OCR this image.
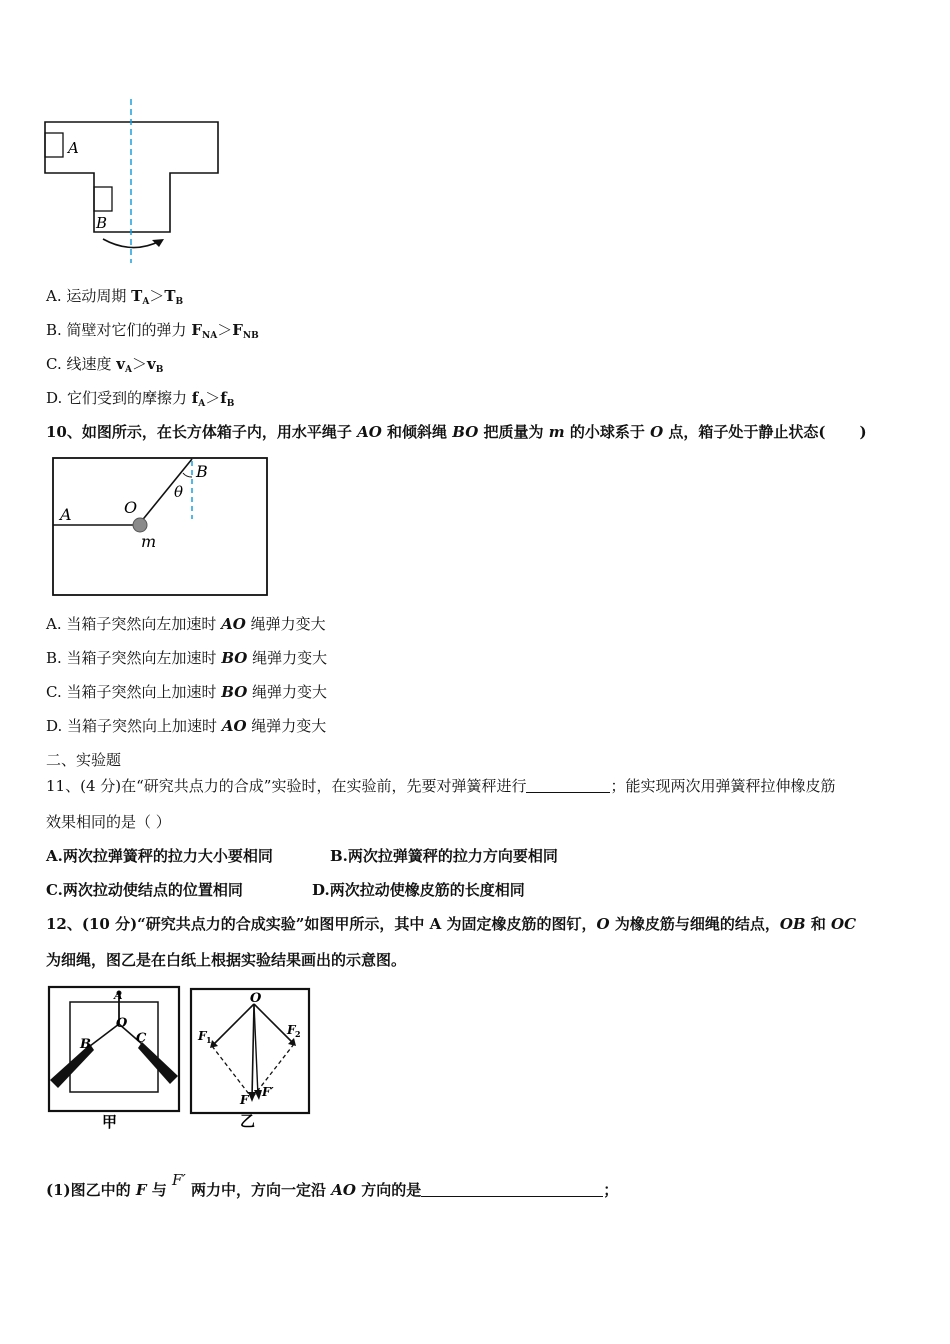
A
B
A. 运动周期 $T_A>T_B$
B. 简壁对它们的弹力 $F_{NA}>F_{NB}$
C. 线速度 $v_A>v_B$
D. 它们受到的摩擦力 $f_A>f_B$
10、如图所示，在长方体箱子内，用水平绳子 AO 和倾斜绳 BO 把质量为 m 的小球系于 O 点，箱子处于静止状态( )
A	O
B
θ
m
A. 当箱子突然向左加速时 AO 绳弹力变大
B. 当箱子突然向左加速时 BO 绳弹力变大
C. 当箱子突然向上加速时 BO 绳弹力变大
D. 当箱子突然向上加速时 AO 绳弹力变大
二、实验题
11、(4 分)在“研究共点力的合成”实验时，在实验前，先要对弹簧秤进行	；能实现两次用弹簧秤拉伸橡皮筋
效果相同的是（ ）
A.两次拉弹簧秤的拉力大小要相同	B.两次拉弹簧秤的拉力方向要相同
C.两次拉动使结点的位置相同	D.两次拉动使橡皮筋的长度相同
12、(10 分)“研究共点力的合成实验”如图甲所示，其中 A 为固定橡皮筋的图钉，O 为橡皮筋与细绳的结点，OB 和 OC
为细绳，图乙是在白纸上根据实验结果画出的示意图。
A
O
B	C
甲
O
F 1
F 2
F
F′
乙
(1)图乙中的 F 与 F′ 两力中，方向一定沿 AO 方向的是	；
